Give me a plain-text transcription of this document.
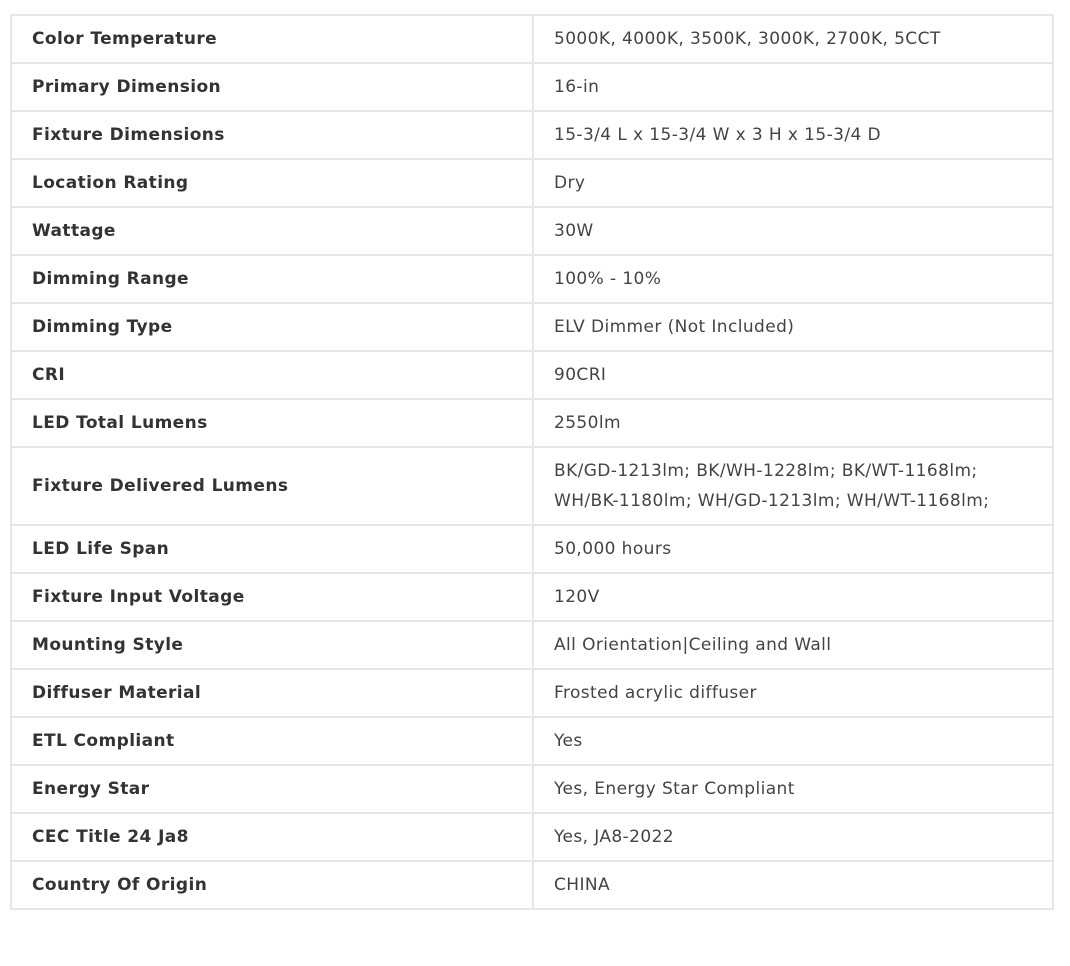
Color Temperature	5000K, 4000K, 3500K, 3000K, 2700K, 5CCT

Primary Dimension	16-in

Fixture Dimensions	15-3/4 L x 15-3/4 W x 3 H x 15-3/4 D

Location Rating	Dry

Wattage	30W

Dimming Range	100% - 10%

Dimming Type	ELV Dimmer (Not Included)

CRI	90CRI

LED Total Lumens	2550lm

Fixture Delivered Lumens	BK/GD-1213lm; BK/WH-1228lm; BK/WT-1168lm;
WH/BK-1180lm; WH/GD-1213lm; WH/WT-1168lm;

LED Life Span	50,000 hours

Fixture Input Voltage	120V

Mounting Style	All Orientation|Ceiling and Wall

Diffuser Material	Frosted acrylic diffuser

ETL Compliant	Yes

Energy Star	Yes, Energy Star Compliant

CEC Title 24 Ja8	Yes, JA8-2022

Country Of Origin	CHINA
